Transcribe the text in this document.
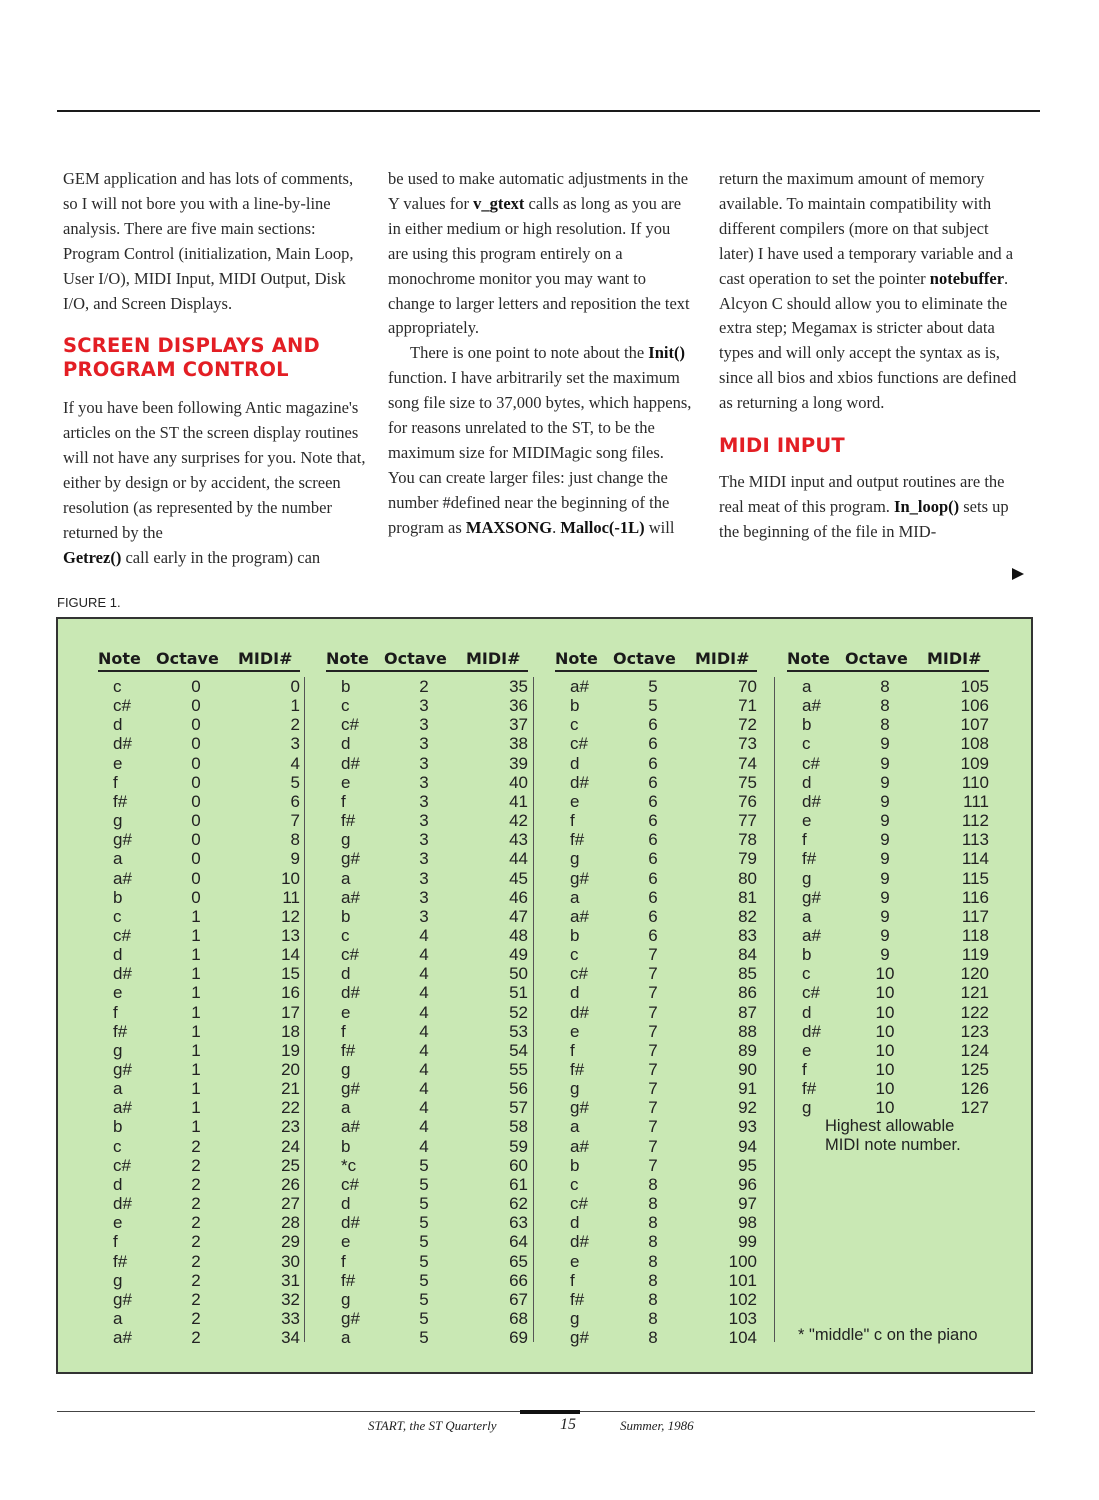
GEM application and has lots of comments, so I will not bore you with a line-by-line analysis. There are five main sections: Program Control (initialization, Main Loop, User I/O), MIDI Input, MIDI Output, Disk I/O, and Screen Displays.

SCREEN DISPLAYS AND PROGRAM CONTROL

If you have been following Antic magazine's articles on the ST the screen display routines will not have any surprises for you. Note that, either by design or by accident, the screen resolution (as represented by the number returned by the
Getrez() call early in the program) can

be used to make automatic adjustments in the Y values for v_gtext calls as long as you are in either medium or high resolution. If you are using this program entirely on a monochrome monitor you may want to change to larger letters and reposition the text appropriately.

There is one point to note about the Init() function. I have arbitrarily set the maximum song file size to 37,000 bytes, which happens, for reasons unrelated to the ST, to be the maximum size for MIDIMagic song files. You can create larger files: just change the number #defined near the beginning of the program as MAXSONG. Malloc(-1L) will

return the maximum amount of memory available. To maintain compatibility with different compilers (more on that subject later) I have used a temporary variable and a cast operation to set the pointer notebuffer. Alcyon C should allow you to eliminate the extra step; Megamax is stricter about data types and will only accept the syntax as is, since all bios and xbios functions are defined as returning a long word.

MIDI INPUT

The MIDI input and output routines are the real meat of this program. In_loop() sets up the beginning of the file in MID-

FIGURE 1.
Note Octave MIDI#
c	0	0
c#	0	1
d	0	2
d#	0	3
e	0	4
f	0	5
f#	0	6
g	0	7
g#	0	8
a	0	9
a#	0	10
b	0	11
c	1	12
c#	1	13
d	1	14
d#	1	15
e	1	16
f	1	17
f#	1	18
g	1	19
g#	1	20
a	1	21
a#	1	22
b	1	23
c	2	24
c#	2	25
d	2	26
d#	2	27
e	2	28
f	2	29
f#	2	30
g	2	31
g#	2	32
a	2	33
a#	2	34
Note Octave MIDI#
b	2	35
c	3	36
c#	3	37
d	3	38
d#	3	39
e	3	40
f	3	41
f#	3	42
g	3	43
g#	3	44
a	3	45
a#	3	46
b	3	47
c	4	48
c#	4	49
d	4	50
d#	4	51
e	4	52
f	4	53
f#	4	54
g	4	55
g#	4	56
a	4	57
a#	4	58
b	4	59
*c	5	60
c#	5	61
d	5	62
d#	5	63
e	5	64
f	5	65
f#	5	66
g	5	67
g#	5	68
a	5	69
Note Octave MIDI#
a#	5	70
b	5	71
c	6	72
c#	6	73
d	6	74
d#	6	75
e	6	76
f	6	77
f#	6	78
g	6	79
g#	6	80
a	6	81
a#	6	82
b	6	83
c	7	84
c#	7	85
d	7	86
d#	7	87
e	7	88
f	7	89
f#	7	90
g	7	91
g#	7	92
a	7	93
a#	7	94
b	7	95
c	8	96
c#	8	97
d	8	98
d#	8	99
e	8	100
f	8	101
f#	8	102
g	8	103
g#	8	104
Note Octave MIDI#
a	8	105
a#	8	106
b	8	107
c	9	108
c#	9	109
d	9	110
d#	9	111
e	9	112
f	9	113
f#	9	114
g	9	115
g#	9	116
a	9	117
a#	9	118
b	9	119
c	10	120
c#	10	121
d	10	122
d#	10	123
e	10	124
f	10	125
f#	10	126
g	10	127
Highest allowable
MIDI note number.
* "middle" c on the piano
START, the ST Quarterly	15	Summer, 1986
